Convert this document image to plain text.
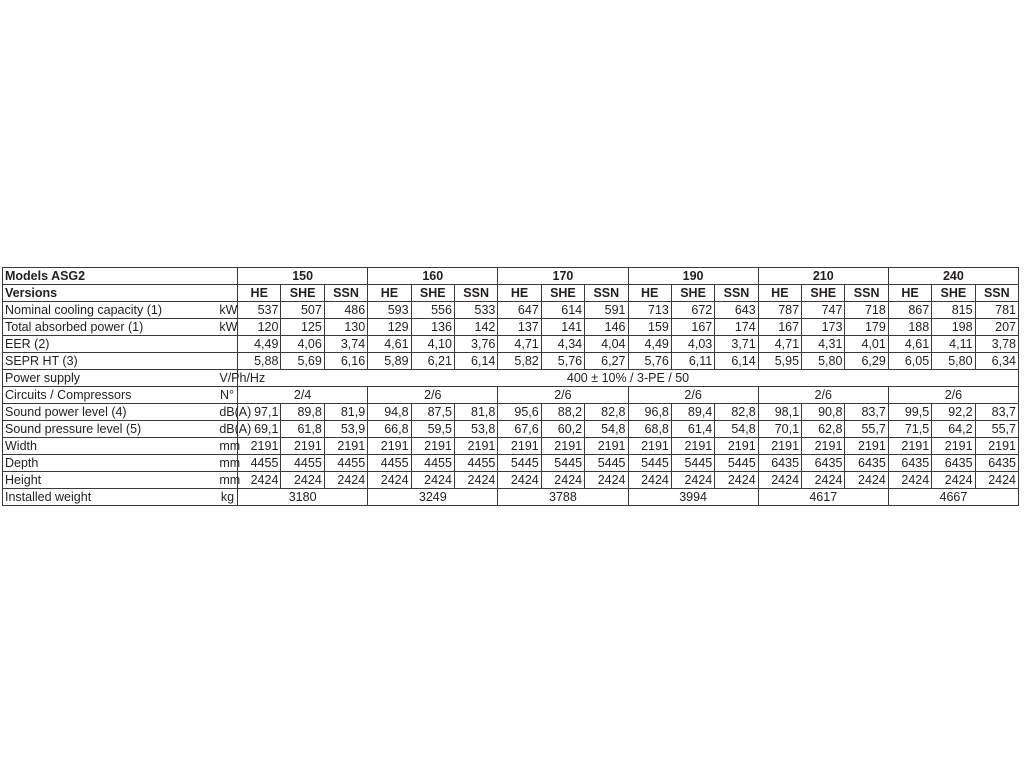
Models ASG2		150			160			170			190			210			240		
Versions		HE	SHE	SSN	HE	SHE	SSN	HE	SHE	SSN	HE	SHE	SSN	HE	SHE	SSN	HE	SHE	SSN
Nominal cooling capacity (1)	kW	537	507	486	593	556	533	647	614	591	713	672	643	787	747	718	867	815	781
Total absorbed power (1)	kW	120	125	130	129	136	142	137	141	146	159	167	174	167	173	179	188	198	207
EER (2)		4,49	4,06	3,74	4,61	4,10	3,76	4,71	4,34	4,04	4,49	4,03	3,71	4,71	4,31	4,01	4,61	4,11	3,78
SEPR HT (3)		5,88	5,69	6,16	5,89	6,21	6,14	5,82	5,76	6,27	5,76	6,11	6,14	5,95	5,80	6,29	6,05	5,80	6,34
Power supply	V/Ph/Hz	400 ± 10% / 3-PE / 50																	
Circuits / Compressors	N°	2/4			2/6			2/6			2/6			2/6			2/6		
Sound power level (4)	dB(A)	97,1	89,8	81,9	94,8	87,5	81,8	95,6	88,2	82,8	96,8	89,4	82,8	98,1	90,8	83,7	99,5	92,2	83,7
Sound pressure level (5)	dB(A)	69,1	61,8	53,9	66,8	59,5	53,8	67,6	60,2	54,8	68,8	61,4	54,8	70,1	62,8	55,7	71,5	64,2	55,7
Width	mm	2191	2191	2191	2191	2191	2191	2191	2191	2191	2191	2191	2191	2191	2191	2191	2191	2191	2191
Depth	mm	4455	4455	4455	4455	4455	4455	5445	5445	5445	5445	5445	5445	6435	6435	6435	6435	6435	6435
Height	mm	2424	2424	2424	2424	2424	2424	2424	2424	2424	2424	2424	2424	2424	2424	2424	2424	2424	2424
Installed weight	kg	3180			3249			3788			3994			4617			4667		
